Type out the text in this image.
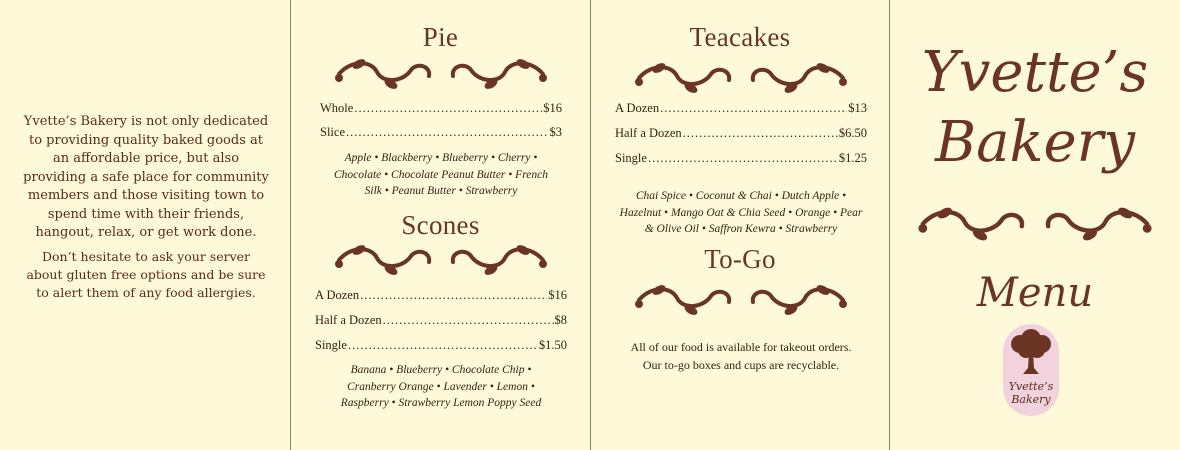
Yvette’s Bakery is not only dedicated to providing quality baked goods at an affordable price, but also providing a safe place for community members and those visiting town to spend time with their friends, hangout, relax, or get work done.

Don’t hesitate to ask your server about gluten free options and be sure to alert them of any food allergies.

Pie
Whole .....	$16
Slice .....	$3
Apple • Blackberry • Blueberry • Cherry • Chocolate • Chocolate Peanut Butter • French Silk • Peanut Butter • Strawberry
Scones
A Dozen .....	$16
Half a Dozen .....	$8
Single .....	$1.50
Banana • Blueberry • Chocolate Chip • Cranberry Orange • Lavender • Lemon • Raspberry • Strawberry Lemon Poppy Seed
Teacakes
A Dozen .....	$13
Half a Dozen .....	$6.50
Single .....	$1.25
Chai Spice • Coconut & Chai • Dutch Apple • Hazelnut • Mango Oat & Chia Seed • Orange • Pear & Olive Oil • Saffron Kewra • Strawberry
To-Go
All of our food is available for takeout orders. Our to-go boxes and cups are recyclable.
Yvette’s
Bakery
Menu
Yvette’s
Bakery
